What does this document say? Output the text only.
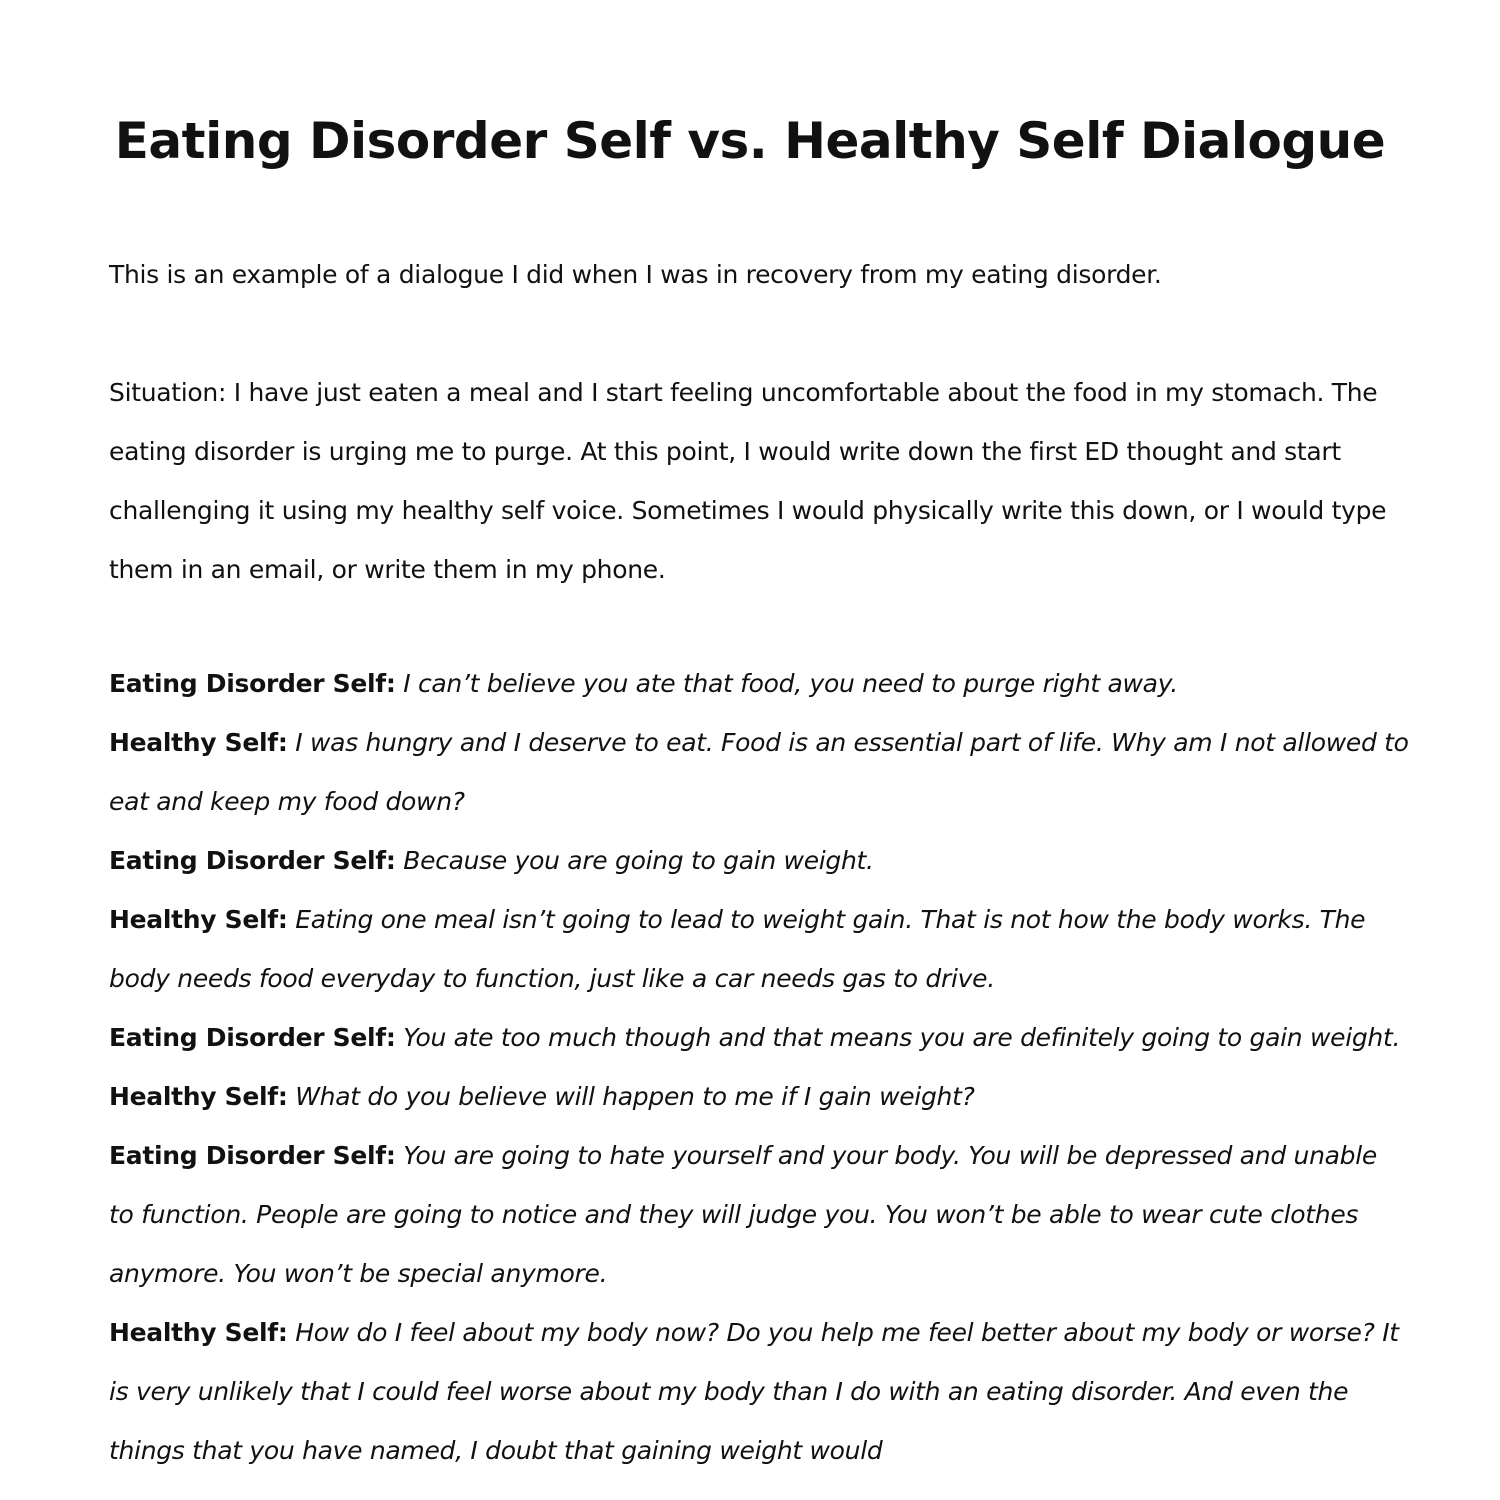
Eating Disorder Self vs. Healthy Self Dialogue
This is an example of a dialogue I did when I was in recovery from my eating disorder.
Situation: I have just eaten a meal and I start feeling uncomfortable about the food in my stomach. The eating disorder is urging me to purge. At this point, I would write down the first ED thought and start challenging it using my healthy self voice. Sometimes I would physically write this down, or I would type them in an email, or write them in my phone.
Eating Disorder Self: I can’t believe you ate that food, you need to purge right away.
Healthy Self: I was hungry and I deserve to eat. Food is an essential part of life. Why am I not allowed to eat and keep my food down?
Eating Disorder Self: Because you are going to gain weight.
Healthy Self: Eating one meal isn’t going to lead to weight gain. That is not how the body works. The body needs food everyday to function, just like a car needs gas to drive.
Eating Disorder Self: You ate too much though and that means you are definitely going to gain weight.
Healthy Self: What do you believe will happen to me if I gain weight?
Eating Disorder Self: You are going to hate yourself and your body. You will be depressed and unable to function. People are going to notice and they will judge you. You won’t be able to wear cute clothes anymore. You won’t be special anymore.
Healthy Self: How do I feel about my body now? Do you help me feel better about my body or worse? It is very unlikely that I could feel worse about my body than I do with an eating disorder. And even the things that you have named, I doubt that gaining weight would
